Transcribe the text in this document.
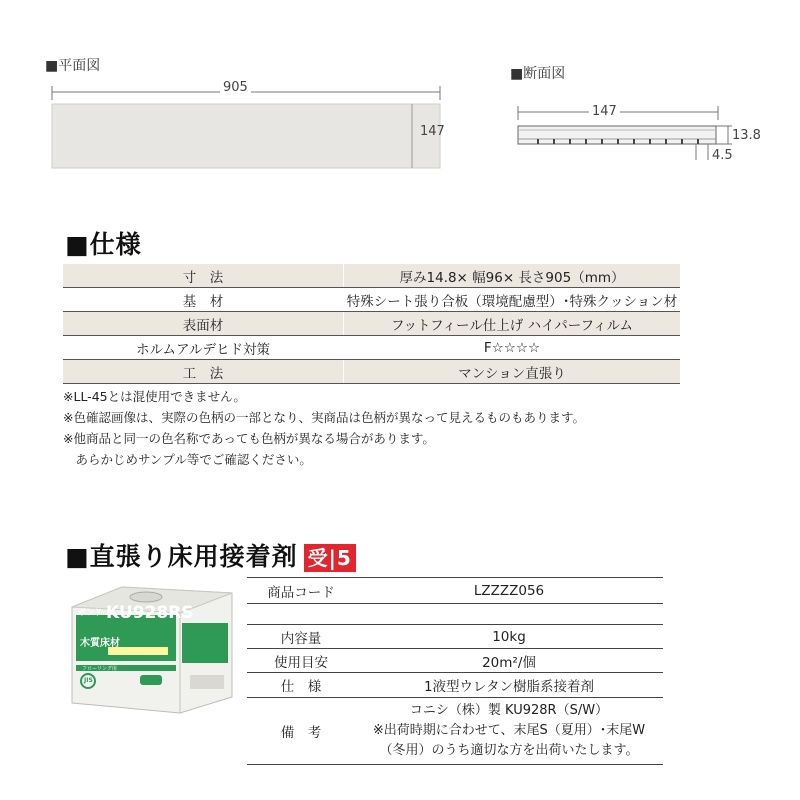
■平面図
905
147
■断面図
147
13.8
4.5
■仕様
寸　法	厚み14.8× 幅96× 長さ905（mm）
基　材	特殊シート張り合板（環境配慮型）･特殊クッション材
表面材	フットフィール仕上げ ハイパーフィルム
ホルムアルデヒド対策	F☆☆☆☆
工　法	マンション直張り
※LL-45とは混使用できません。
※色確認画像は、実際の色柄の一部となり、実商品は色柄が異なって見えるものもあります。
※他商品と同一の色名称であっても色柄が異なる場合があります。
　あらかじめサンプル等でご確認ください。
■直張り床用接着剤 受|5
ボンド KU928RS
木質床材
直張り施工用
フローリング用
JIS
商品コード	LZZZZ056

内容量	10kg
使用目安	20m²/個
仕　様	1液型ウレタン樹脂系接着剤
備　考	コニシ（株）製 KU928R（S/W）
※出荷時期に合わせて、末尾S（夏用）･末尾W
（冬用）のうち適切な方を出荷いたします。
